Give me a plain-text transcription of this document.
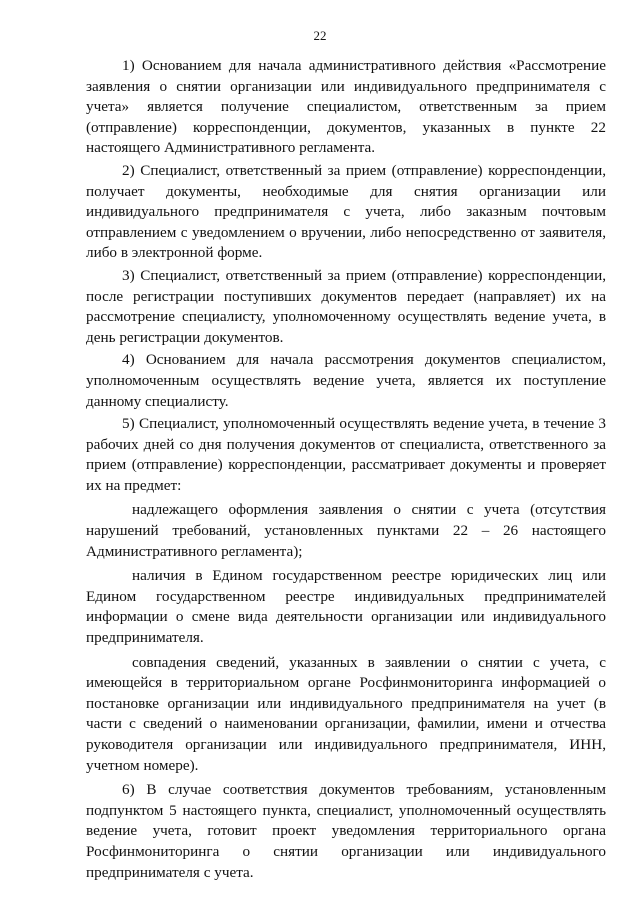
22

1) Основанием для начала административного действия «Рассмотрение заявления о снятии организации или индивидуального предпринимателя с учета» является получение специалистом, ответственным за прием (отправление) корреспонденции, документов, указанных в пункте 22 настоящего Административного регламента.

2) Специалист, ответственный за прием (отправление) корреспонденции, получает документы, необходимые для снятия организации или индивидуального предпринимателя с учета, либо заказным почтовым отправлением с уведомлением о вручении, либо непосредственно от заявителя, либо в электронной форме.

3) Специалист, ответственный за прием (отправление) корреспонденции, после регистрации поступивших документов передает (направляет) их на рассмотрение специалисту, уполномоченному осуществлять ведение учета, в день регистрации документов.

4) Основанием для начала рассмотрения документов специалистом, уполномоченным осуществлять ведение учета, является их поступление данному специалисту.

5) Специалист, уполномоченный осуществлять ведение учета, в течение 3 рабочих дней со дня получения документов от специалиста, ответственного за прием (отправление) корреспонденции, рассматривает документы и проверяет их на предмет:

надлежащего оформления заявления о снятии с учета (отсутствия нарушений требований, установленных пунктами 22 – 26 настоящего Административного регламента);

наличия в Едином государственном реестре юридических лиц или Едином государственном реестре индивидуальных предпринимателей информации о смене вида деятельности организации или индивидуального предпринимателя.

совпадения сведений, указанных в заявлении о снятии с учета, с имеющейся в территориальном органе Росфинмониторинга информацией о постановке организации или индивидуального предпринимателя на учет (в части с сведений о наименовании организации, фамилии, имени и отчества руководителя организации или индивидуального предпринимателя, ИНН, учетном номере).

6) В случае соответствия документов требованиям, установленным подпунктом 5 настоящего пункта, специалист, уполномоченный осуществлять ведение учета, готовит проект уведомления территориального органа Росфинмониторинга о снятии организации или индивидуального предпринимателя с учета.
